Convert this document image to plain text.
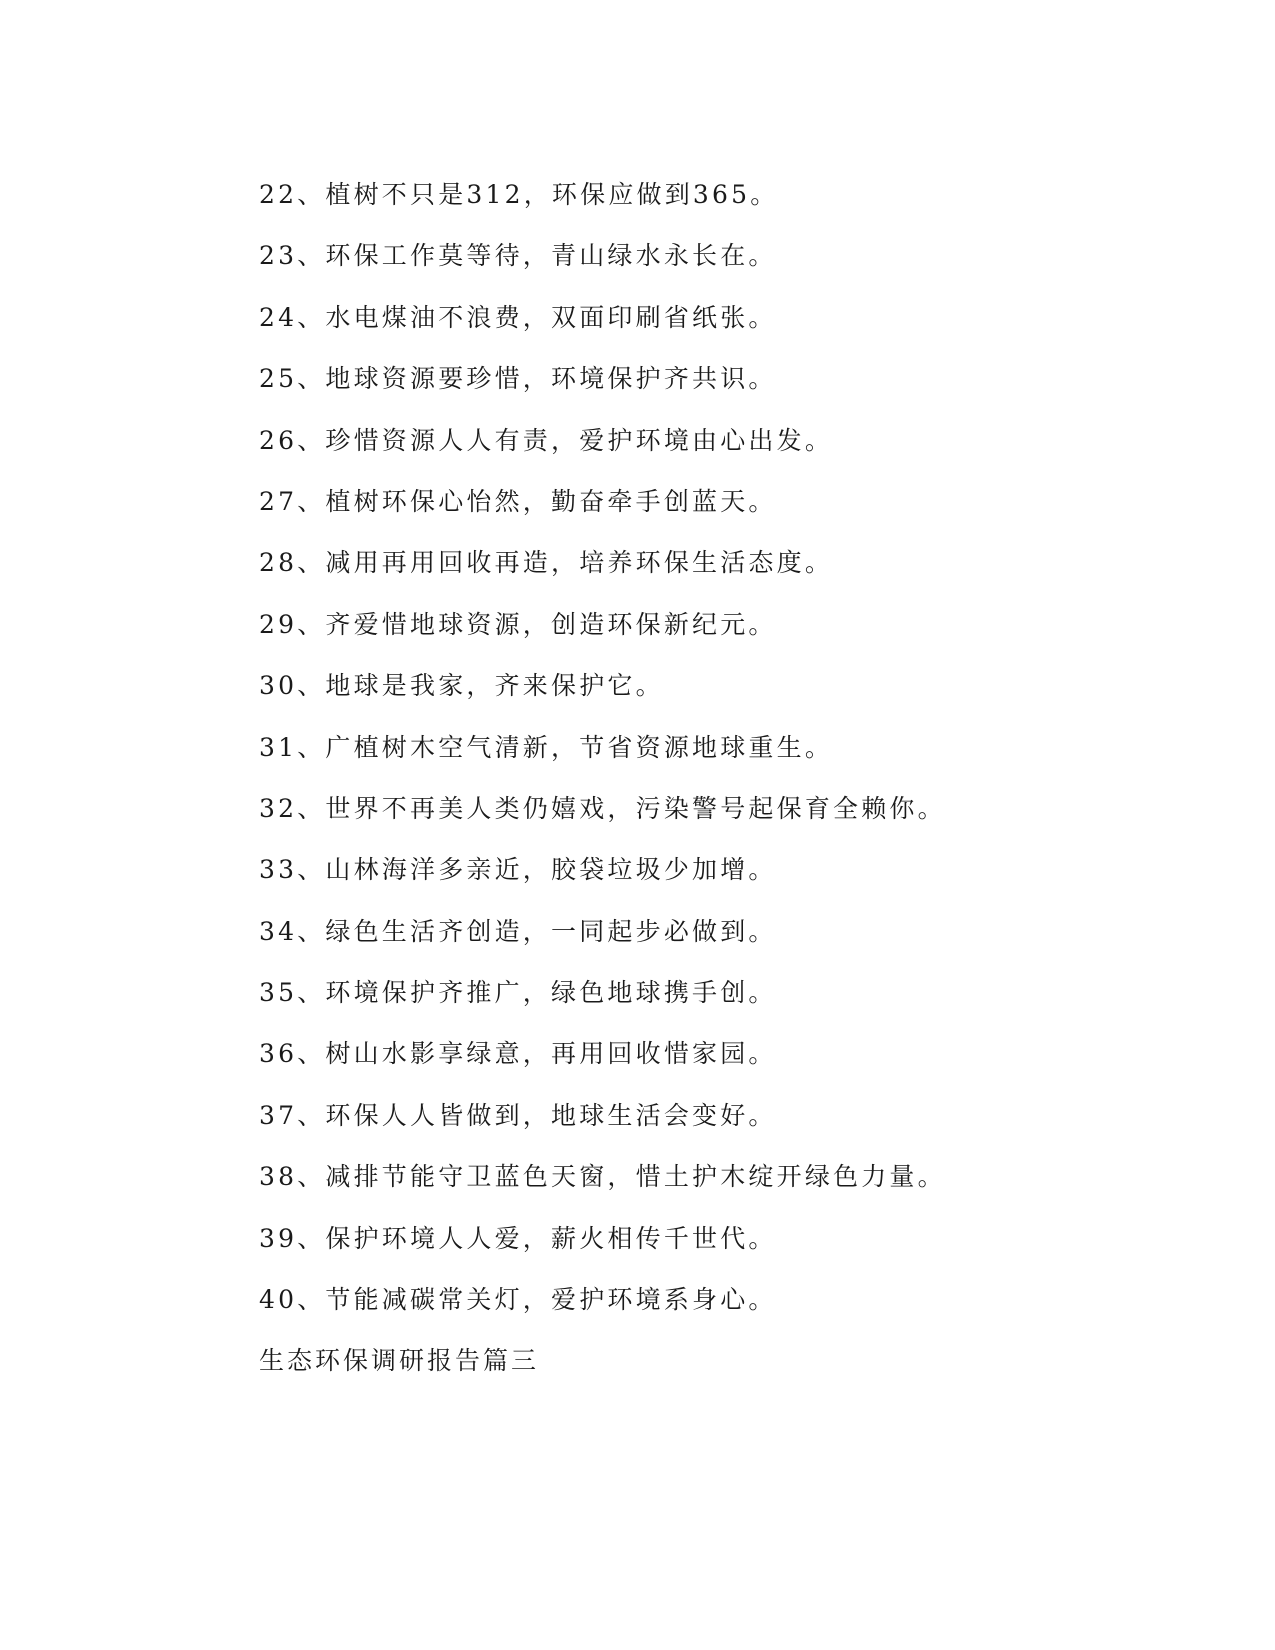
22、植树不只是312，环保应做到365。
23、环保工作莫等待，青山绿水永长在。
24、水电煤油不浪费，双面印刷省纸张。
25、地球资源要珍惜，环境保护齐共识。
26、珍惜资源人人有责，爱护环境由心出发。
27、植树环保心怡然，勤奋牵手创蓝天。
28、减用再用回收再造，培养环保生活态度。
29、齐爱惜地球资源，创造环保新纪元。
30、地球是我家，齐来保护它。
31、广植树木空气清新，节省资源地球重生。
32、世界不再美人类仍嬉戏，污染警号起保育全赖你。
33、山林海洋多亲近，胶袋垃圾少加增。
34、绿色生活齐创造，一同起步必做到。
35、环境保护齐推广，绿色地球携手创。
36、树山水影享绿意，再用回收惜家园。
37、环保人人皆做到，地球生活会变好。
38、减排节能守卫蓝色天窗，惜土护木绽开绿色力量。
39、保护环境人人爱，薪火相传千世代。
40、节能减碳常关灯，爱护环境系身心。
生态环保调研报告篇三
